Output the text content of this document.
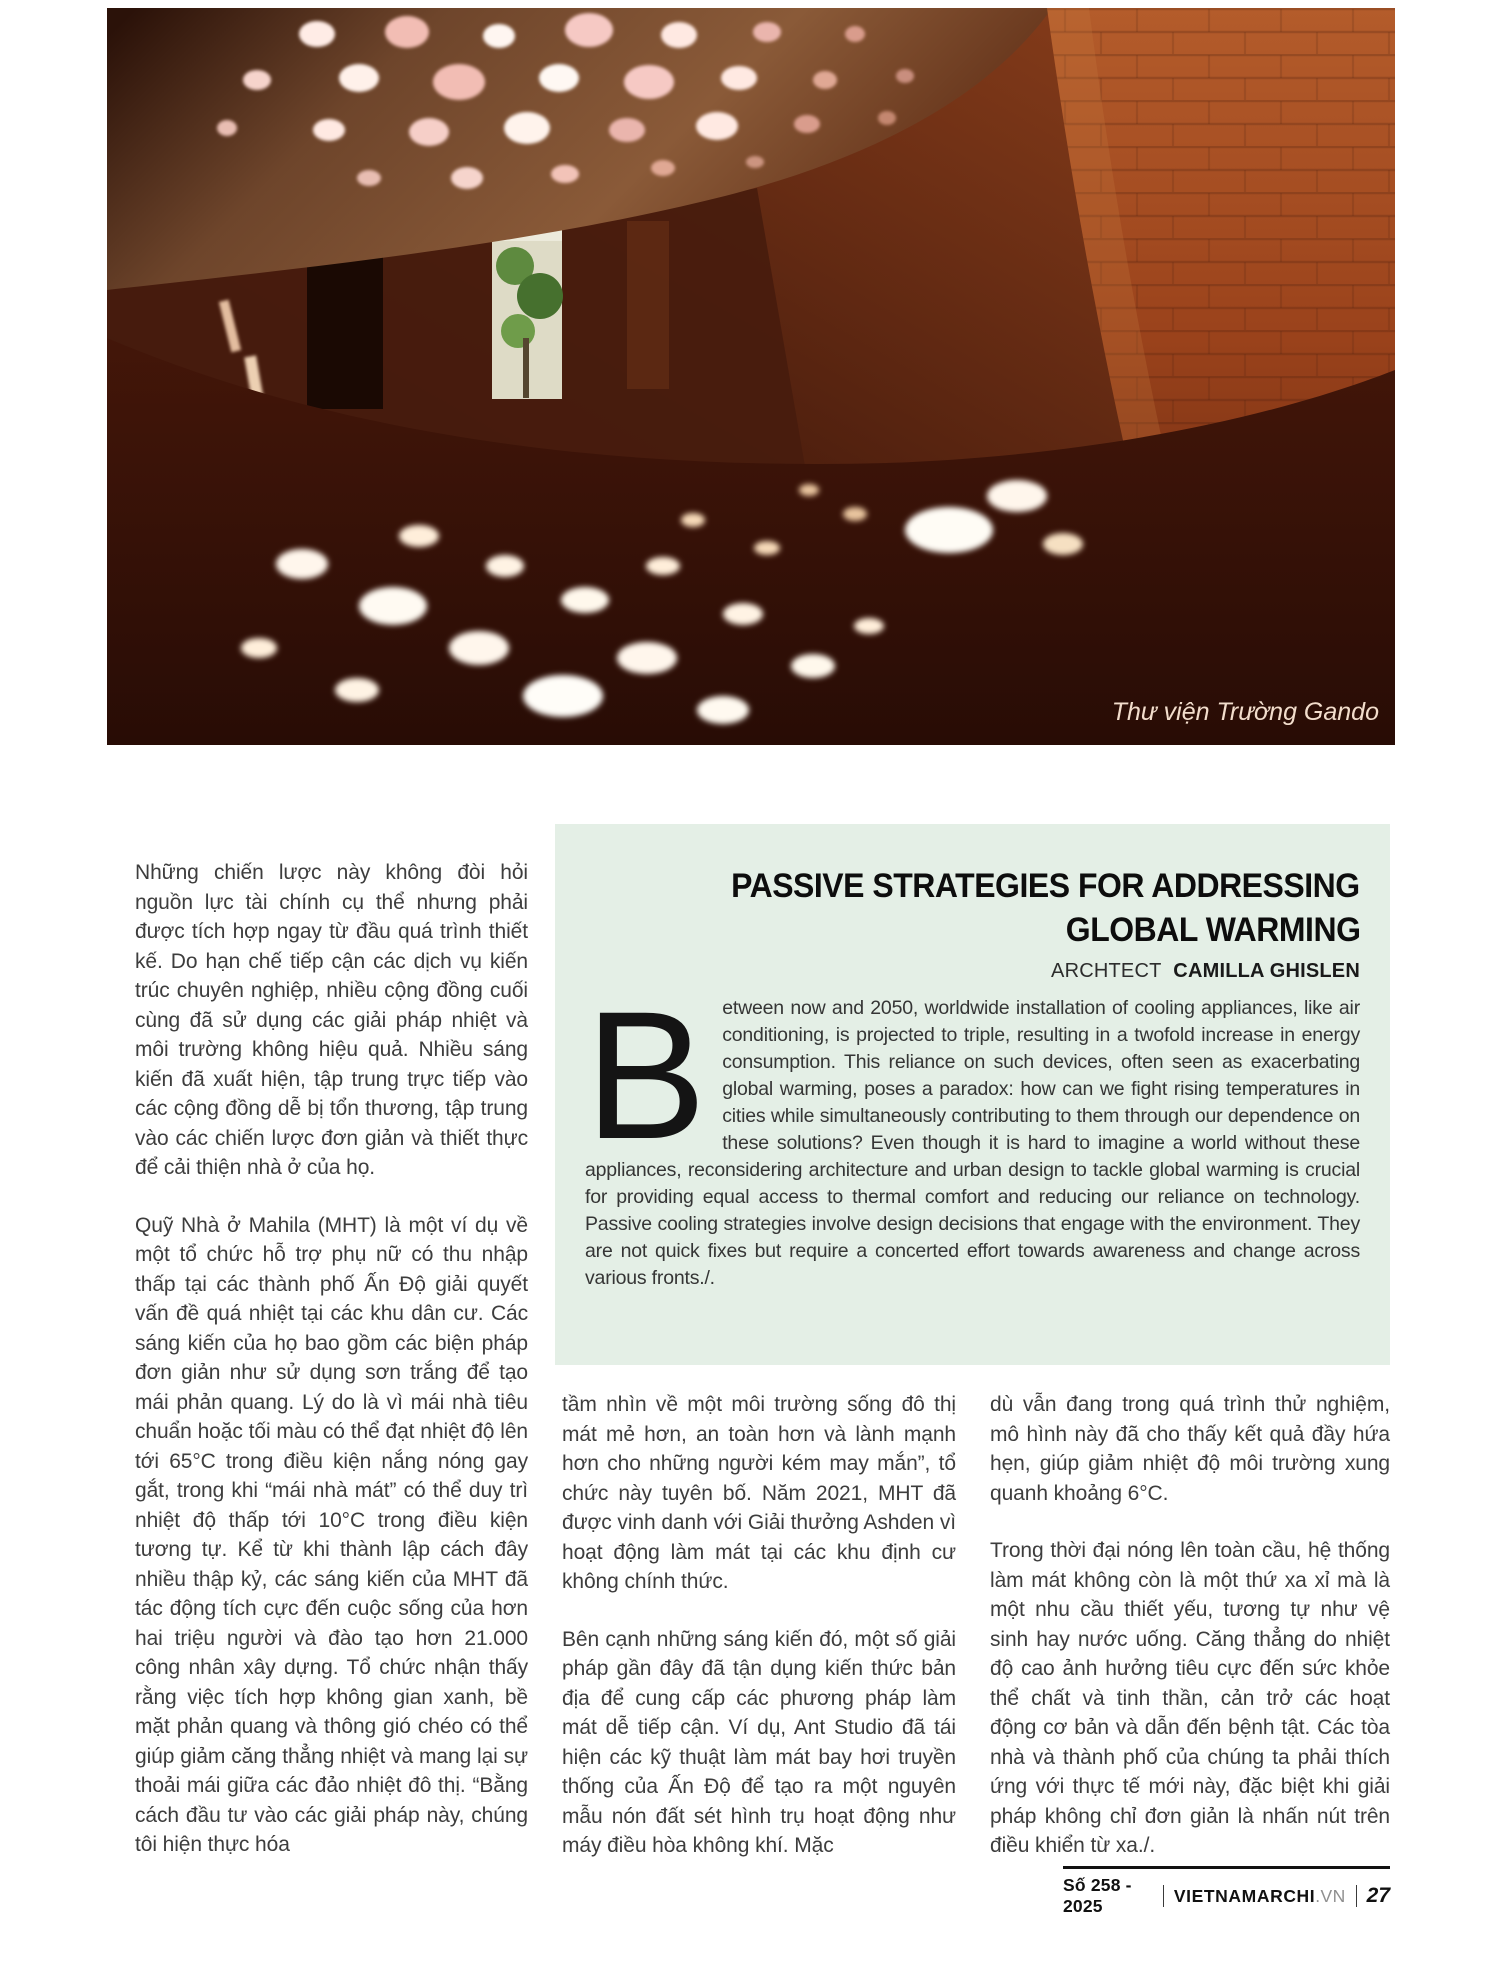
Thư viện Trường Gando

Những chiến lược này không đòi hỏi nguồn lực tài chính cụ thể nhưng phải được tích hợp ngay từ đầu quá trình thiết kế. Do hạn chế tiếp cận các dịch vụ kiến trúc chuyên nghiệp, nhiều cộng đồng cuối cùng đã sử dụng các giải pháp nhiệt và môi trường không hiệu quả. Nhiều sáng kiến đã xuất hiện, tập trung trực tiếp vào các cộng đồng dễ bị tổn thương, tập trung vào các chiến lược đơn giản và thiết thực để cải thiện nhà ở của họ.

Quỹ Nhà ở Mahila (MHT) là một ví dụ về một tổ chức hỗ trợ phụ nữ có thu nhập thấp tại các thành phố Ấn Độ giải quyết vấn đề quá nhiệt tại các khu dân cư. Các sáng kiến của họ bao gồm các biện pháp đơn giản như sử dụng sơn trắng để tạo mái phản quang. Lý do là vì mái nhà tiêu chuẩn hoặc tối màu có thể đạt nhiệt độ lên tới 65°C trong điều kiện nắng nóng gay gắt, trong khi “mái nhà mát” có thể duy trì nhiệt độ thấp tới 10°C trong điều kiện tương tự. Kể từ khi thành lập cách đây nhiều thập kỷ, các sáng kiến của MHT đã tác động tích cực đến cuộc sống của hơn hai triệu người và đào tạo hơn 21.000 công nhân xây dựng. Tổ chức nhận thấy rằng việc tích hợp không gian xanh, bề mặt phản quang và thông gió chéo có thể giúp giảm căng thẳng nhiệt và mang lại sự thoải mái giữa các đảo nhiệt đô thị. “Bằng cách đầu tư vào các giải pháp này, chúng tôi hiện thực hóa

PASSIVE STRATEGIES FOR ADDRESSING
GLOBAL WARMING
ARCHTECT CAMILLA GHISLEN
B etween now and 2050, worldwide installation of cooling appliances, like air conditioning, is projected to triple, resulting in a twofold increase in energy consumption. This reliance on such devices, often seen as exacerbating global warming, poses a paradox: how can we fight rising temperatures in cities while simultaneously contributing to them through our dependence on these solutions? Even though it is hard to imagine a world without these appliances, reconsidering architecture and urban design to tackle global warming is crucial for providing equal access to thermal comfort and reducing our reliance on technology. Passive cooling strategies involve design decisions that engage with the environment. They are not quick fixes but require a concerted effort towards awareness and change across various fronts./.

tầm nhìn về một môi trường sống đô thị mát mẻ hơn, an toàn hơn và lành mạnh hơn cho những người kém may mắn”, tổ chức này tuyên bố. Năm 2021, MHT đã được vinh danh với Giải thưởng Ashden vì hoạt động làm mát tại các khu định cư không chính thức.

Bên cạnh những sáng kiến đó, một số giải pháp gần đây đã tận dụng kiến thức bản địa để cung cấp các phương pháp làm mát dễ tiếp cận. Ví dụ, Ant Studio đã tái hiện các kỹ thuật làm mát bay hơi truyền thống của Ấn Độ để tạo ra một nguyên mẫu nón đất sét hình trụ hoạt động như máy điều hòa không khí. Mặc

dù vẫn đang trong quá trình thử nghiệm, mô hình này đã cho thấy kết quả đầy hứa hẹn, giúp giảm nhiệt độ môi trường xung quanh khoảng 6°C.

Trong thời đại nóng lên toàn cầu, hệ thống làm mát không còn là một thứ xa xỉ mà là một nhu cầu thiết yếu, tương tự như vệ sinh hay nước uống. Căng thẳng do nhiệt độ cao ảnh hưởng tiêu cực đến sức khỏe thể chất và tinh thần, cản trở các hoạt động cơ bản và dẫn đến bệnh tật. Các tòa nhà và thành phố của chúng ta phải thích ứng với thực tế mới này, đặc biệt khi giải pháp không chỉ đơn giản là nhấn nút trên điều khiển từ xa./.

Số 258 - 2025
VIETNAMARCHI.VN 27
